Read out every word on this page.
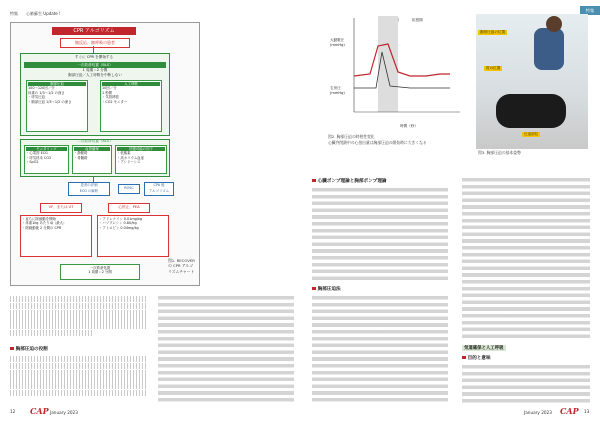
特集 心肺蘇生 Update !
特集
CPR アルゴリズム
無反応、無呼吸の患者
すぐに CPR を開始する
一次救命処置（BLS）
1 周期＝2 分間
胸部圧迫／人工呼吸を中断しない
胸部圧迫
100～120回／分
体重の 1/3～1/2 の深さ
・呼気圧迫
・胸部圧迫 1/3～1/2 の深さ
人工呼吸
10回／分
1 秒間
・気管挿管
・CO2 モニター
二次救命処置（ALS）
モニタリング
・心電図 ECG
・呼気終末 CO2
・SpO2
血管確保
・静脈路
・骨髄路
回復可能の因子
・低酸素
・高カリウム血症
・アシドーシス
患者の評価
ECG の解釈
ROSC
CPA 後
アルゴリズム
VF、または VT	心停止、PEA
・直ちに除細動を開始
・体重1kg あたり4J（最大）
・除細動後 2 分間の CPR
・アドレナリン 0.01mg/kg
・バソプレシン 0.8U/kg
・アトロピン 0.04mg/kg
一次救命処置
1 周期＝2 分間
図1. RECOVER の CPR アルゴリズムチャート
拡張期
大動脈圧 (mmHg)
右房圧 (mmHg)
時間（秒）
図2. 胸部圧迫の時相性変化
心臓弁閉鎖中の心拍出量は胸部圧迫の開始時に大きくなる
胸骨圧迫の位置
肘の位置
圧迫部位
図3. 胸部圧迫の基本姿勢
胸部圧迫の役割
心臓ポンプ理論と胸部ポンプ理論
胸部圧迫法
気道確保と人工呼吸
目的と意味
12 CAP January 2023	January 2023 CAP 13
